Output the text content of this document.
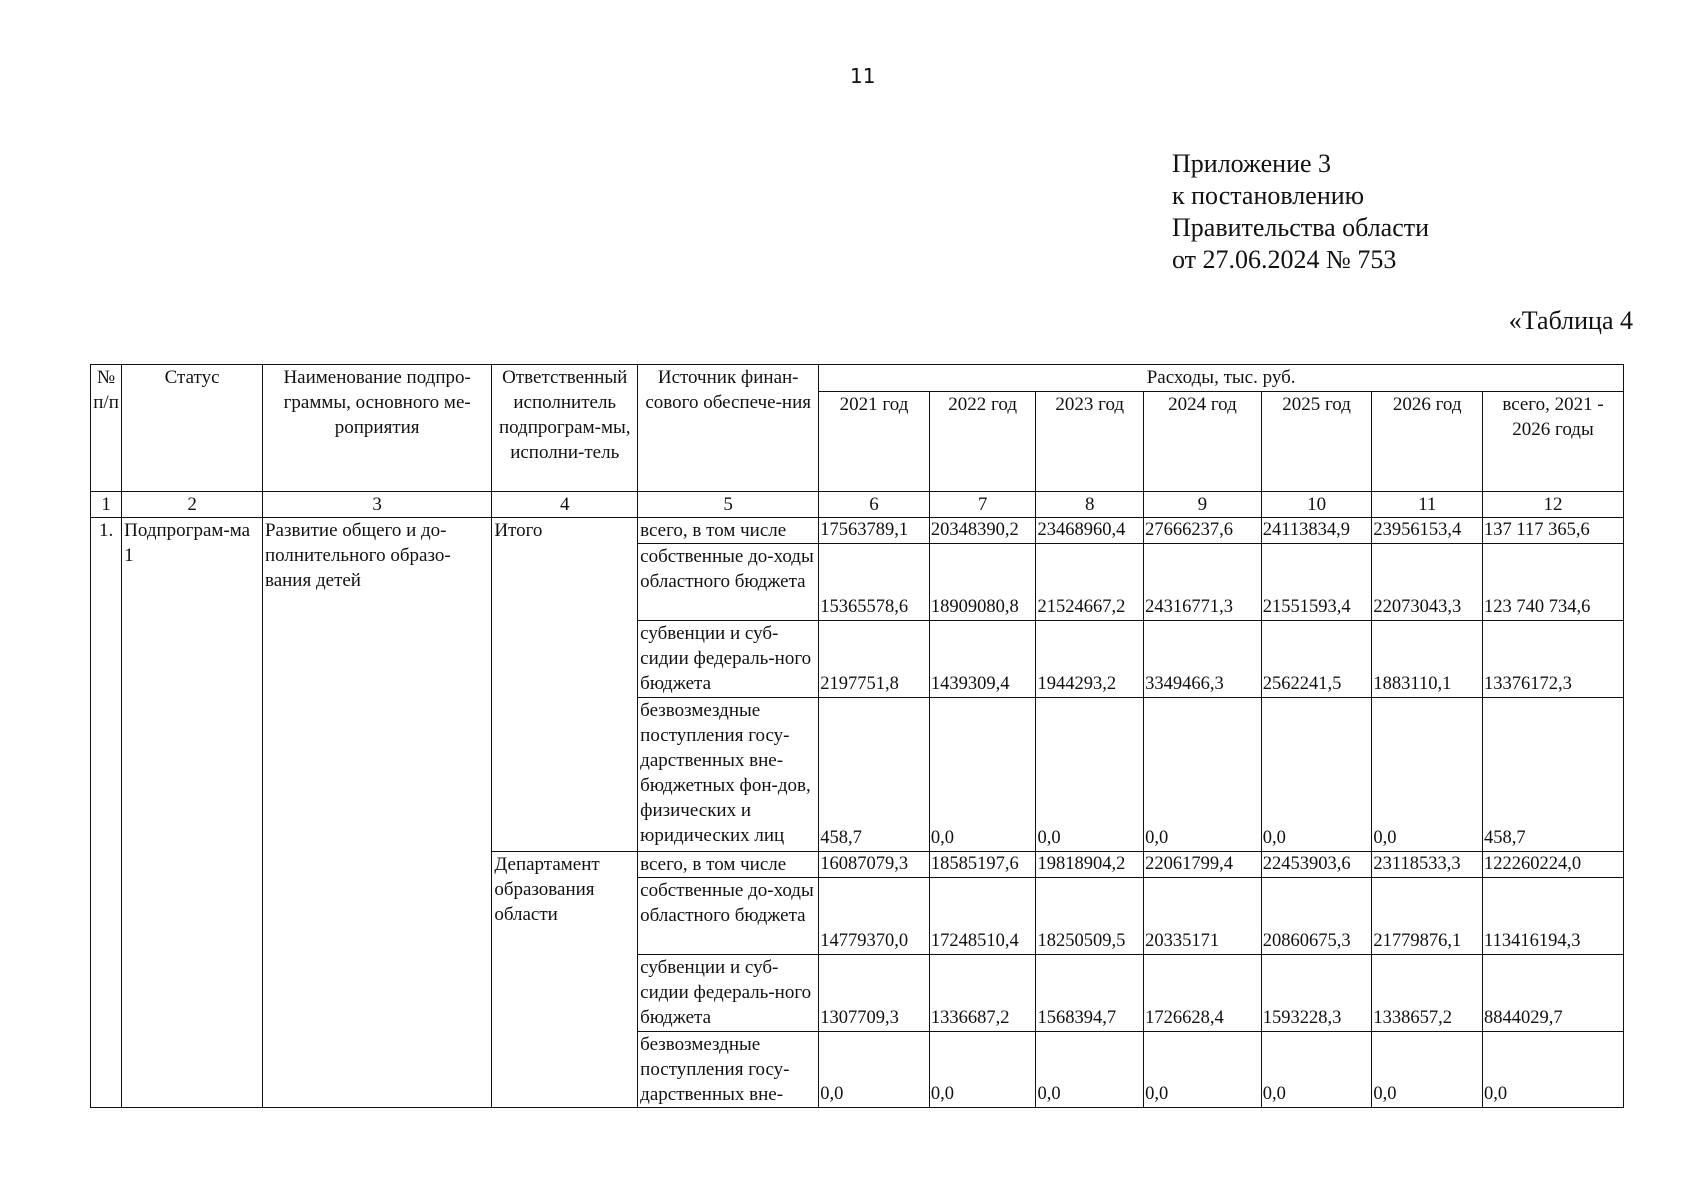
11
Приложение 3
к постановлению
Правительства области
от 27.06.2024 № 753
«Таблица 4
№ п/п	Статус	Наименование подпро-граммы, основного ме-роприятия	Ответственный исполнитель подпрограм-мы, исполни-тель	Источник финан-сового обеспече-ния	Расходы, тыс. руб.						
					2021 год	2022 год	2023 год	2024 год	2025 год	2026 год	всего, 2021 - 2026 годы
1	2	3	4	5	6	7	8	9	10	11	12
1.	Подпрограм-ма 1	Развитие общего и до-полнительного образо-вания детей	Итого	всего, в том числе	17563789,1	20348390,2	23468960,4	27666237,6	24113834,9	23956153,4	137 117 365,6
				собственные до-ходы областного бюджета	15365578,6	18909080,8	21524667,2	24316771,3	21551593,4	22073043,3	123 740 734,6
				субвенции и суб-сидии федераль-ного бюджета	2197751,8	1439309,4	1944293,2	3349466,3	2562241,5	1883110,1	13376172,3
				безвозмездные поступления госу-дарственных вне-бюджетных фон-дов, физических и юридических лиц	458,7	0,0	0,0	0,0	0,0	0,0	458,7
			Департамент образования области	всего, в том числе	16087079,3	18585197,6	19818904,2	22061799,4	22453903,6	23118533,3	122260224,0
				собственные до-ходы областного бюджета	14779370,0	17248510,4	18250509,5	20335171	20860675,3	21779876,1	113416194,3
				субвенции и суб-сидии федераль-ного бюджета	1307709,3	1336687,2	1568394,7	1726628,4	1593228,3	1338657,2	8844029,7
				безвозмездные поступления госу-дарственных вне-	0,0	0,0	0,0	0,0	0,0	0,0	0,0
